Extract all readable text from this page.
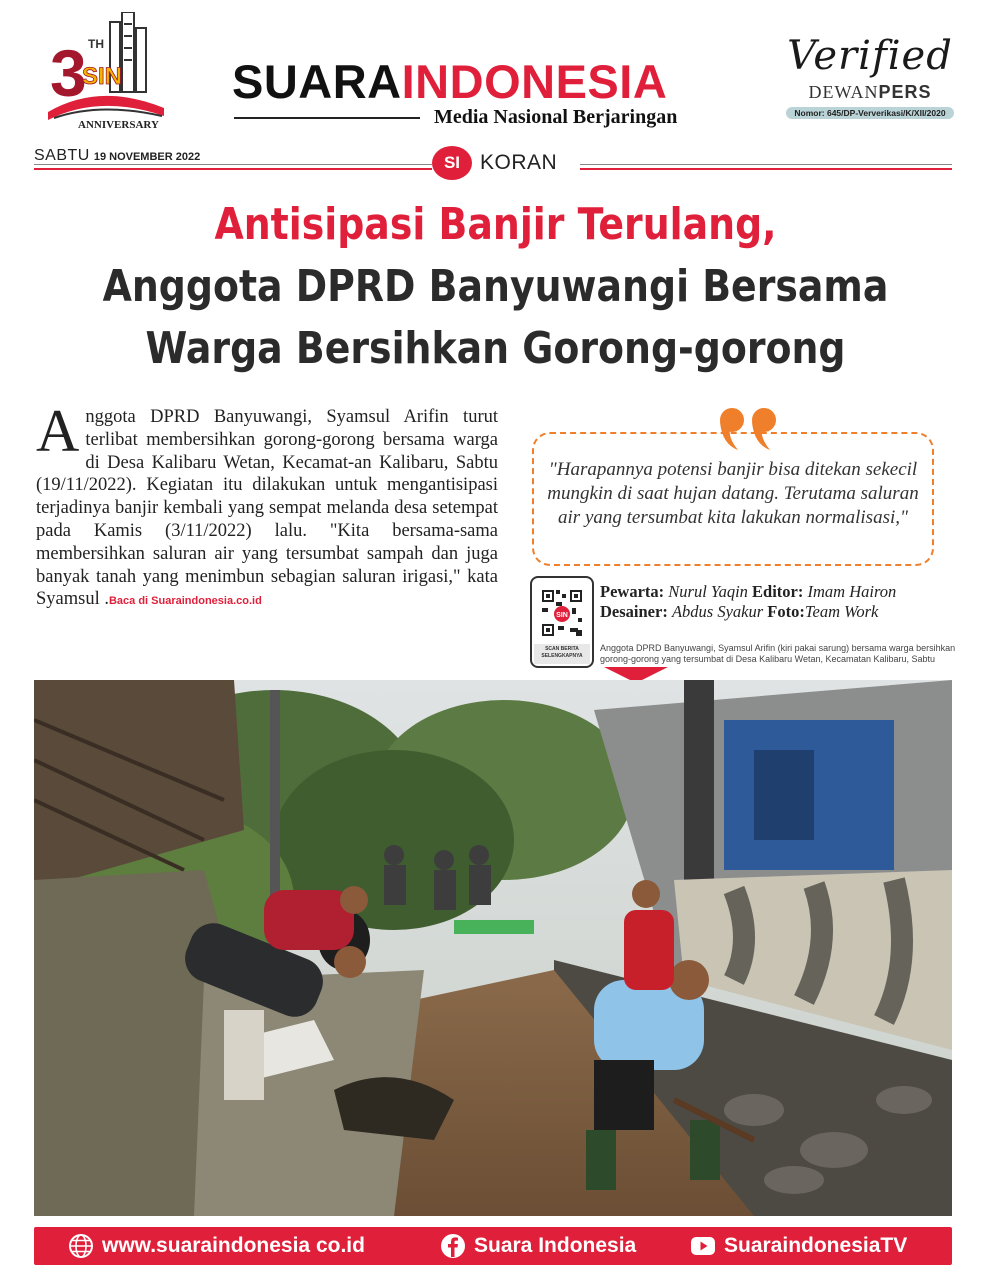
3 TH
SIN
ANNIVERSARY
SUARAINDONESIA
Media Nasional Berjaringan
Verified
DEWANPERS
Nomor: 645/DP-Ververikasi/K/XII/2020
SABTU 19 NOVEMBER 2022	SI KORAN
Antisipasi Banjir Terulang,
Anggota DPRD Banyuwangi Bersama
Warga Bersihkan Gorong-gorong
Anggota DPRD Banyuwangi, Syamsul Arifin turut terlibat membersihkan gorong-gorong bersama warga di Desa Kalibaru Wetan, Kecamat-an Kalibaru, Sabtu (19/11/2022). Kegiatan itu dilakukan untuk mengantisipasi terjadinya banjir kembali yang sempat melanda desa setempat pada Kamis (3/11/2022) lalu. "Kita bersama-sama membersihkan saluran air yang tersumbat sampah dan juga banyak tanah yang menimbun sebagian saluran irigasi," kata Syamsul .Baca di Suaraindonesia.co.id
"Harapannya potensi banjir bisa ditekan sekecil mungkin di saat hujan datang. Terutama saluran air yang tersumbat kita lakukan normalisasi,"
SIN
SCAN BERITA SELENGKAPNYA
Pewarta: Nurul Yaqin Editor: Imam Hairon
Desainer: Abdus Syakur Foto:Team Work
Anggota DPRD Banyuwangi, Syamsul Arifin (kiri pakai sarung) bersama warga bersihkan gorong-gorong yang tersumbat di Desa Kalibaru Wetan, Kecamatan Kalibaru, Sabtu
www.suaraindonesia co.id	Suara Indonesia	SuaraindonesiaTV
